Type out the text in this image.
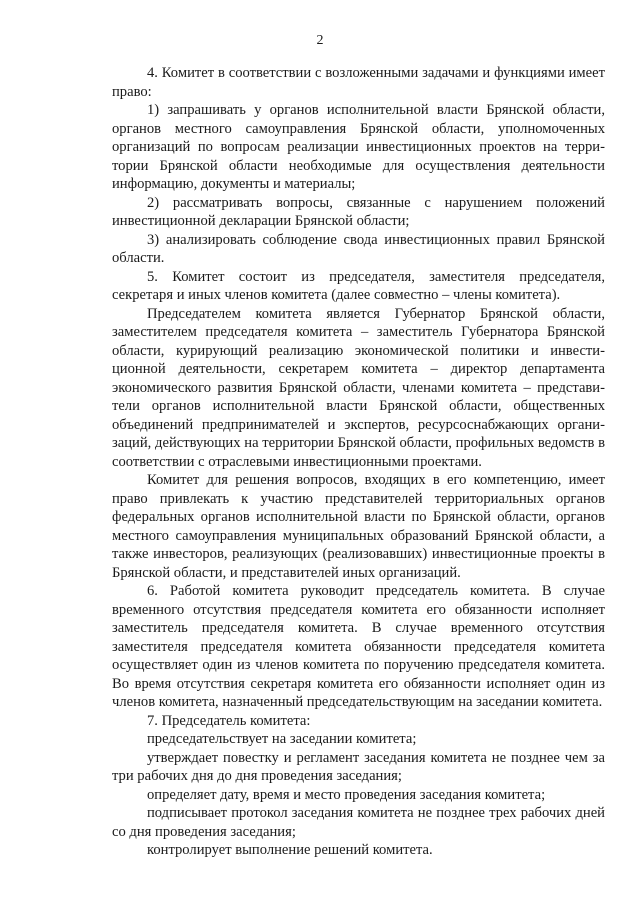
2

4. Комитет в соответствии с возложенными задачами и функциями имеет право:

1) запрашивать у органов исполнительной власти Брянской области, органов местного самоуправления Брянской области, уполномоченных организаций по вопросам реализации инвестиционных проектов на территории Брянской области необходимые для осуществления деятельности информацию, документы и материалы;

2) рассматривать вопросы, связанные с нарушением положений инвестиционной декларации Брянской области;

3) анализировать соблюдение свода инвестиционных правил Брянской области.

5. Комитет состоит из председателя, заместителя председателя, секретаря и иных членов комитета (далее совместно – члены комитета).

Председателем комитета является Губернатор Брянской области, заместителем председателя комитета – заместитель Губернатора Брянской области, курирующий реализацию экономической политики и инвестиционной деятельности, секретарем комитета – директор департамента экономического развития Брянской области, членами комитета – представители органов исполнительной власти Брянской области, общественных объединений предпринимателей и экспертов, ресурсоснабжающих организаций, действующих на территории Брянской области, профильных ведомств в соответствии с отраслевыми инвестиционными проектами.

Комитет для решения вопросов, входящих в его компетенцию, имеет право привлекать к участию представителей территориальных органов федеральных органов исполнительной власти по Брянской области, органов местного самоуправления муниципальных образований Брянской области, а также инвесторов, реализующих (реализовавших) инвестиционные проекты в Брянской области, и представителей иных организаций.

6. Работой комитета руководит председатель комитета. В случае временного отсутствия председателя комитета его обязанности исполняет заместитель председателя комитета. В случае временного отсутствия заместителя председателя комитета обязанности председателя комитета осуществляет один из членов комитета по поручению председателя комитета. Во время отсутствия секретаря комитета его обязанности исполняет один из членов комитета, назначенный председательствующим на заседании комитета.

7. Председатель комитета:

председательствует на заседании комитета;

утверждает повестку и регламент заседания комитета не позднее чем за три рабочих дня до дня проведения заседания;

определяет дату, время и место проведения заседания комитета;

подписывает протокол заседания комитета не позднее трех рабочих дней со дня проведения заседания;

контролирует выполнение решений комитета.
